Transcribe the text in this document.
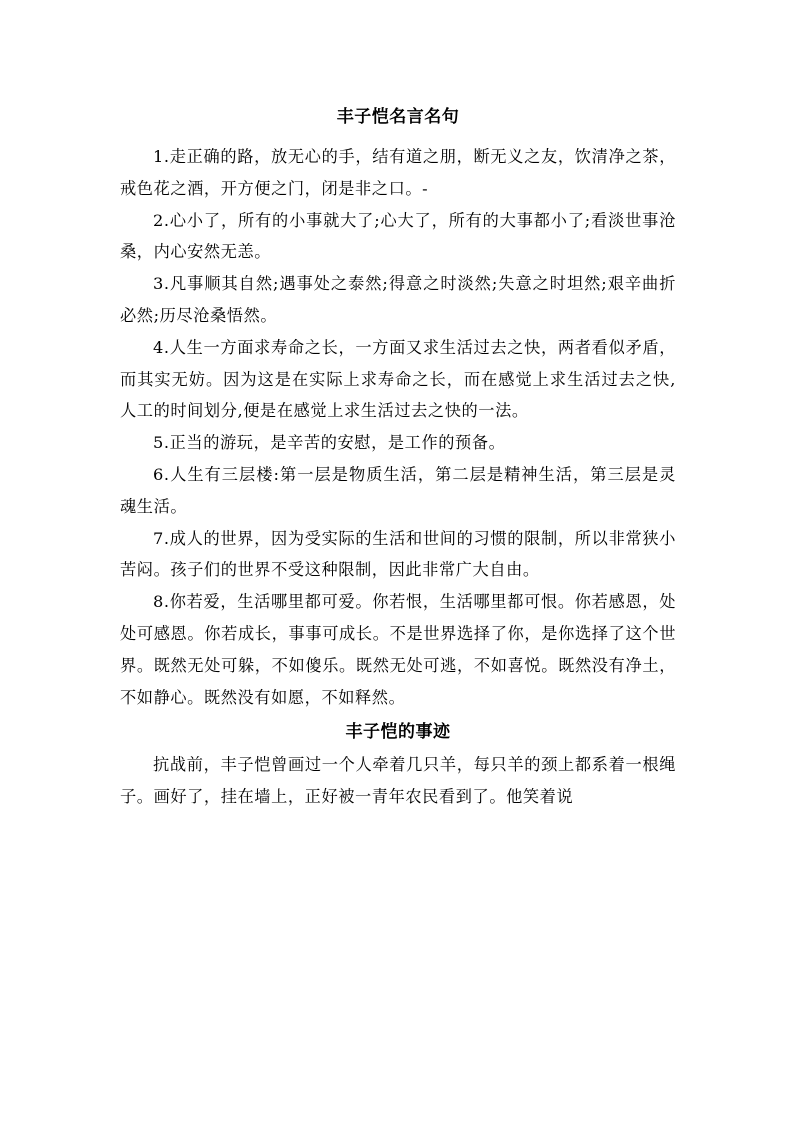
丰子恺名言名句

1.走正确的路，放无心的手，结有道之朋，断无义之友，饮清净之茶，戒色花之酒，开方便之门，闭是非之口。-

2.心小了，所有的小事就大了;心大了，所有的大事都小了;看淡世事沧桑，内心安然无恙。

3.凡事顺其自然;遇事处之泰然;得意之时淡然;失意之时坦然;艰辛曲折必然;历尽沧桑悟然。

4.人生一方面求寿命之长，一方面又求生活过去之快，两者看似矛盾，而其实无妨。因为这是在实际上求寿命之长，而在感觉上求生活过去之快,人工的时间划分,便是在感觉上求生活过去之快的一法。

5.正当的游玩，是辛苦的安慰，是工作的预备。

6.人生有三层楼:第一层是物质生活，第二层是精神生活，第三层是灵魂生活。

7.成人的世界，因为受实际的生活和世间的习惯的限制，所以非常狭小苦闷。孩子们的世界不受这种限制，因此非常广大自由。

8.你若爱，生活哪里都可爱。你若恨，生活哪里都可恨。你若感恩，处处可感恩。你若成长，事事可成长。不是世界选择了你，是你选择了这个世界。既然无处可躲，不如傻乐。既然无处可逃，不如喜悦。既然没有净土，不如静心。既然没有如愿，不如释然。

丰子恺的事迹

抗战前，丰子恺曾画过一个人牵着几只羊，每只羊的颈上都系着一根绳子。画好了，挂在墙上，正好被一青年农民看到了。他笑着说
